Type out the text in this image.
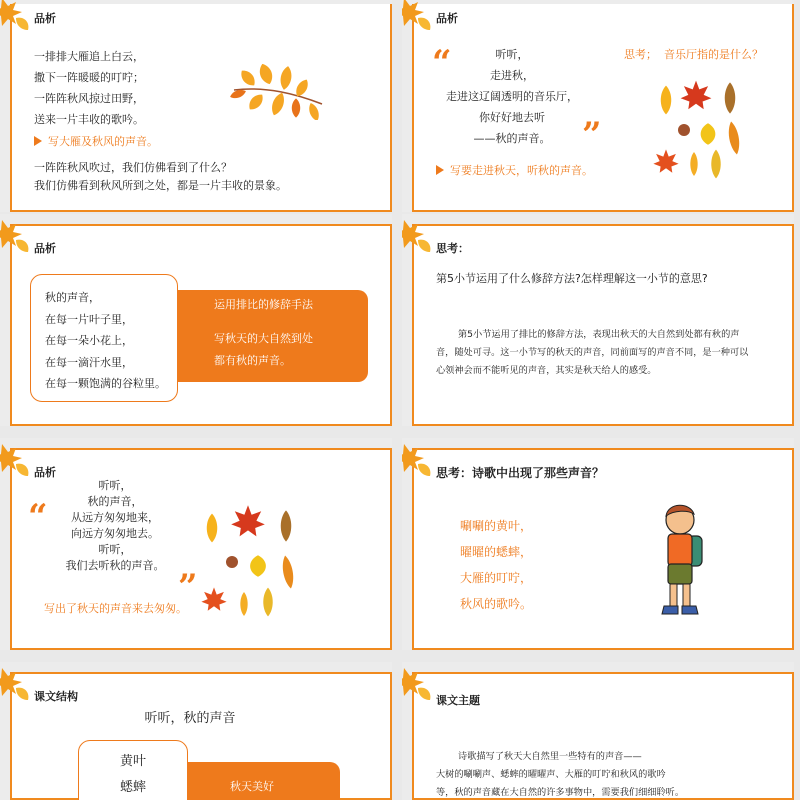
品析
一排排大雁追上白云，
撒下一阵暖暖的叮咛；
一阵阵秋风掠过田野，
送来一片丰收的歌吟。
写大雁及秋风的声音。
一阵阵秋风吹过，我们仿佛看到了什么？
我们仿佛看到秋风所到之处，都是一片丰收的景象。
品析
“	听听，
走进秋，
走进这辽阔透明的音乐厅，
你好好地去听
——秋的声音。 ”
思考； 音乐厅指的是什么？
写要走进秋天，听秋的声音。
品析
运用排比的修辞手法
写秋天的大自然到处
都有秋的声音。
秋的声音，
在每一片叶子里，
在每一朵小花上，
在每一滴汗水里，
在每一颗饱满的谷粒里。
思考：
第5小节运用了什么修辞方法?怎样理解这一小节的意思?
第5小节运用了排比的修辞方法，表现出秋天的大自然到处都有秋的声
音，随处可寻。这一小节写的秋天的声音，同前面写的声音不同，是一种可以
心领神会而不能听见的声音，其实是秋天给人的感受。
品析
“
听听，
秋的声音，
从远方匆匆地来，
向远方匆匆地去。
听听，
我们去听秋的声音。
”
写出了秋天的声音来去匆匆。
思考：诗歌中出现了那些声音？
唰唰的黄叶，
曜曜的蟋蟀，
大雁的叮咛，
秋风的歌吟。
课文结构
听听，秋的声音
秋天美好
黄叶
蟋蟀
课文主题
诗歌描写了秋天大自然里一些特有的声音——
大树的唰唰声、蟋蟀的曜曜声、大雁的叮咛和秋风的歌吟
等，秋的声音藏在大自然的许多事物中，需要我们细细聆听。
